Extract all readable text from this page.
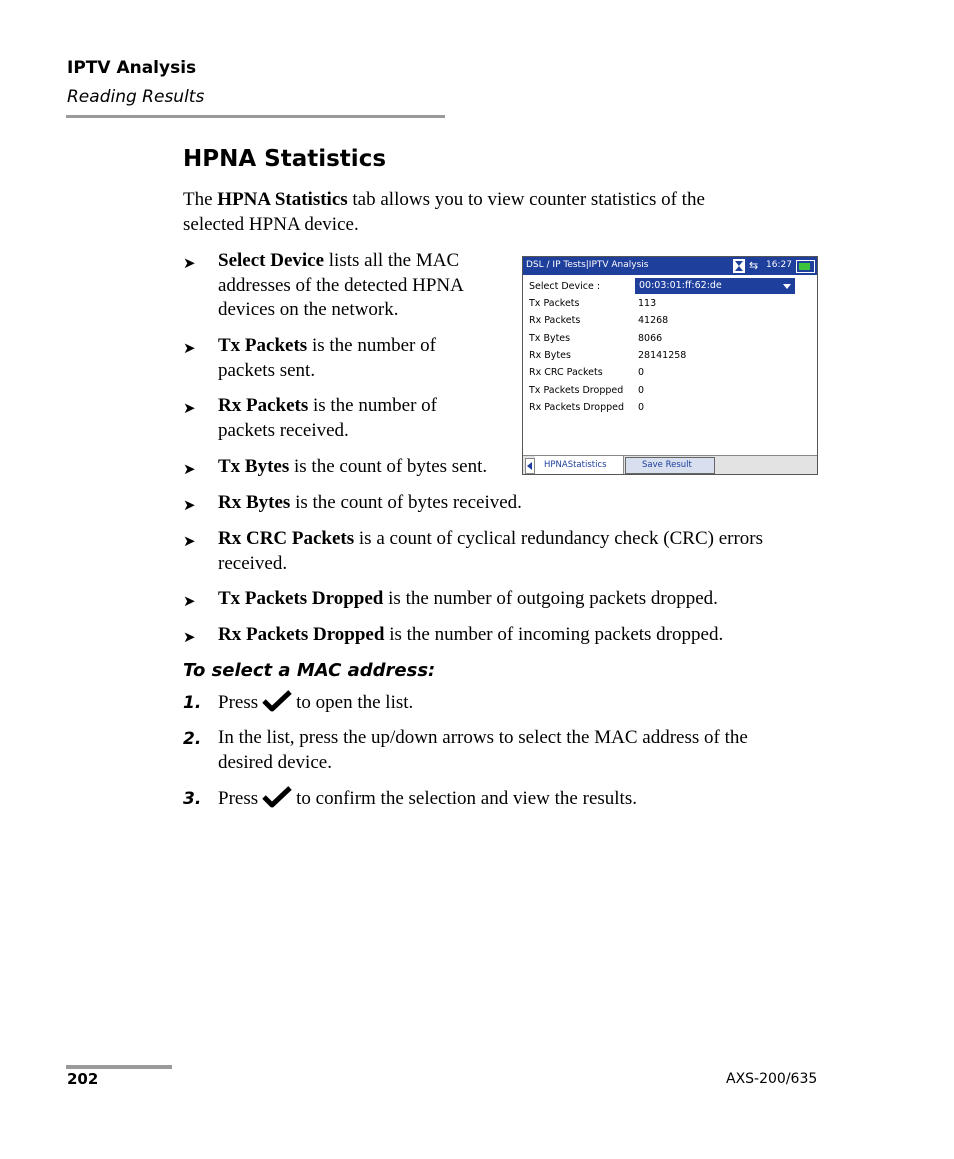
IPTV Analysis
Reading Results
HPNA Statistics
The HPNA Statistics tab allows you to view counter statistics of the
selected HPNA device.
➤ Select Device lists all the MAC
addresses of the detected HPNA
devices on the network.
➤ Tx Packets is the number of
packets sent.
➤ Rx Packets is the number of
packets received.
➤ Tx Bytes is the count of bytes sent.
➤ Rx Bytes is the count of bytes received.
➤ Rx CRC Packets is a count of cyclical redundancy check (CRC) errors
received.
➤ Tx Packets Dropped is the number of outgoing packets dropped.
➤ Rx Packets Dropped is the number of incoming packets dropped.
To select a MAC address:
1. Press to open the list.
2. In the list, press the up/down arrows to select the MAC address of the
desired device.
3. Press to confirm the selection and view the results.
DSL / IP Tests|IPTV Analysis	⇆ 16:27
Select Device :	00:03:01:ff:62:de
Tx Packets	113
Rx Packets	41268
Tx Bytes	8066
Rx Bytes	28141258
Rx CRC Packets	0
Tx Packets Dropped 0
Rx Packets Dropped 0
HPNAStatistics	Save Result
202	AXS-200/635
